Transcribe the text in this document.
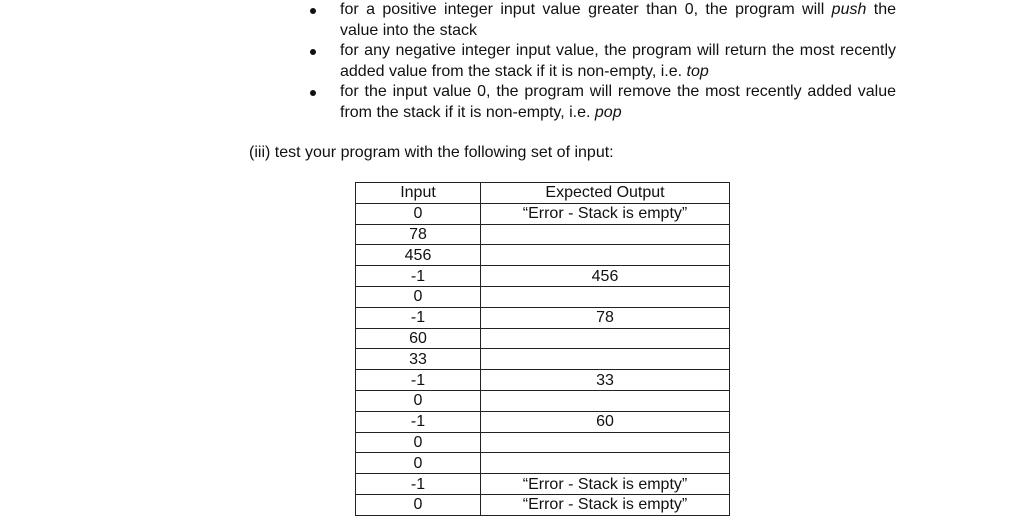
for a positive integer input value greater than 0, the program will push the value into the stack
for any negative integer input value, the program will return the most recently added value from the stack if it is non-empty, i.e. top
for the input value 0, the program will remove the most recently added value from the stack if it is non-empty, i.e. pop
(iii) test your program with the following set of input:
Input	Expected Output
0	“Error - Stack is empty”
78	
456	
-1	456
0	
-1	78
60	
33	
-1	33
0	
-1	60
0	
0	
-1	“Error - Stack is empty”
0	“Error - Stack is empty”
